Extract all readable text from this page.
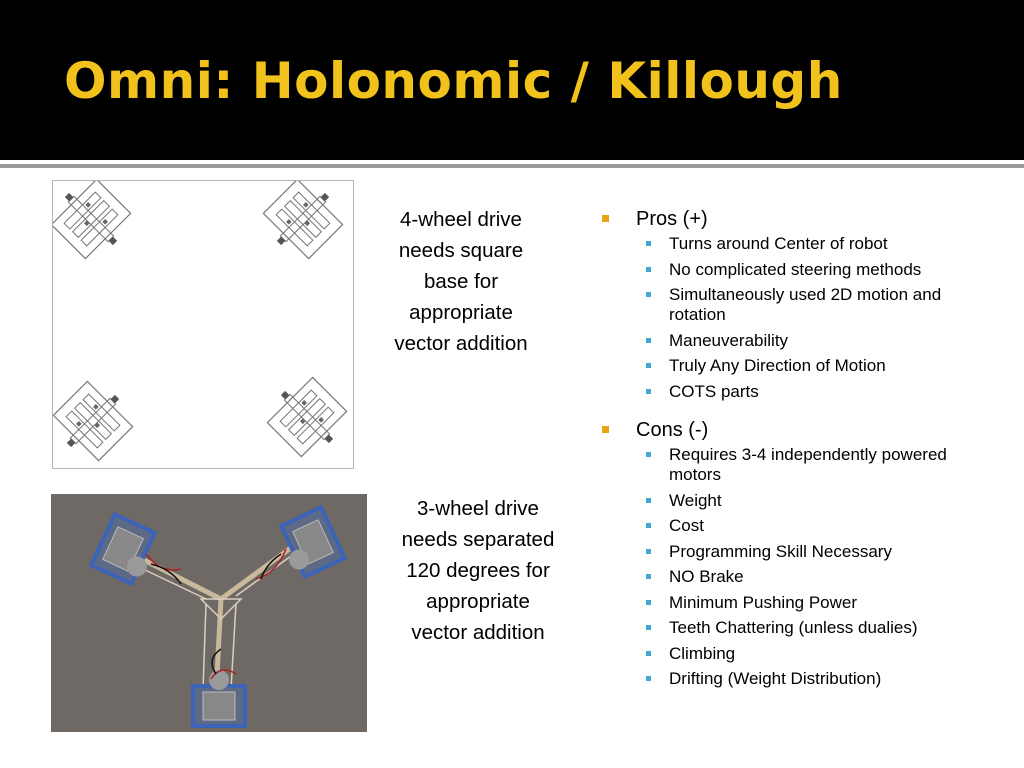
Omni: Holonomic / Killough
4-wheel drive needs square base for appropriate vector addition
3-wheel drive needs separated 120 degrees for appropriate vector addition
Pros (+)
Turns around Center of robot
No complicated steering methods
Simultaneously used 2D motion and rotation
Maneuverability
Truly Any Direction of Motion
COTS parts
Cons (-)
Requires 3-4 independently powered motors
Weight
Cost
Programming Skill Necessary
NO Brake
Minimum Pushing Power
Teeth Chattering (unless dualies)
Climbing
Drifting (Weight Distribution)
